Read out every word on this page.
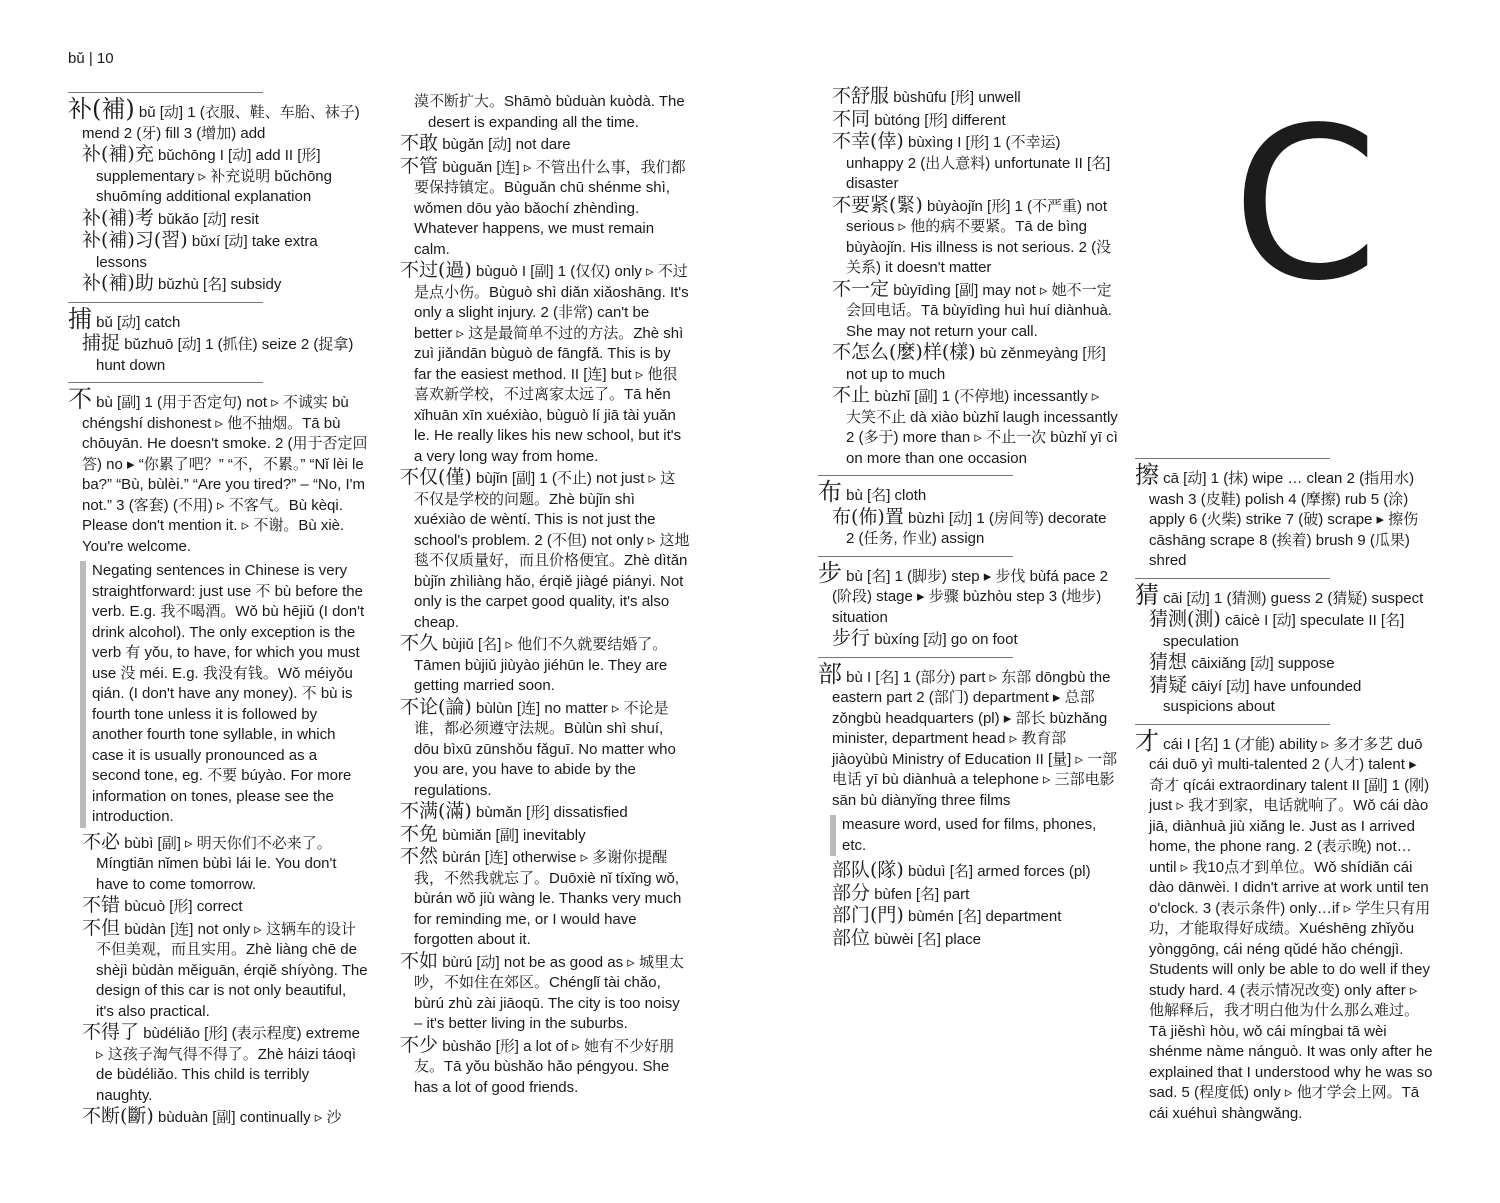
bǔ | 10
C

补(補) bǔ [动] 1 (衣服、鞋、车胎、袜子) mend 2 (牙) fill 3 (增加) add

补(補)充 bǔchōng I [动] add II [形] supplementary ▹ 补充说明 bǔchōng shuōmíng additional explanation

补(補)考 bǔkǎo [动] resit

补(補)习(習) bǔxí [动] take extra lessons

补(補)助 bǔzhù [名] subsidy

捕 bǔ [动] catch

捕捉 bǔzhuō [动] 1 (抓住) seize 2 (捉拿) hunt down

不 bù [副] 1 (用于否定句) not ▹ 不诚实 bù chéngshí dishonest ▹ 他不抽烟。Tā bù chōuyān. He doesn't smoke. 2 (用于否定回答) no ▸ “你累了吧？” “不，不累。” “Nǐ lèi le ba?” “Bù, bùlèi.” “Are you tired?” – “No, I'm not.” 3 (客套) (不用) ▹ 不客气。Bù kèqi. Please don't mention it. ▹ 不谢。Bù xiè. You're welcome.

Negating sentences in Chinese is very straightforward: just use 不 bù before the verb. E.g. 我不喝酒。Wǒ bù hējiǔ (I don't drink alcohol). The only exception is the verb 有 yǒu, to have, for which you must use 没 méi. E.g. 我没有钱。Wǒ méiyǒu qián. (I don't have any money). 不 bù is fourth tone unless it is followed by another fourth tone syllable, in which case it is usually pronounced as a second tone, eg. 不要 búyào. For more information on tones, please see the introduction.

不必 bùbì [副] ▹ 明天你们不必来了。Míngtiān nǐmen bùbì lái le. You don't have to come tomorrow.

不错 bùcuò [形] correct

不但 bùdàn [连] not only ▹ 这辆车的设计不但美观，而且实用。Zhè liàng chē de shèjì bùdàn měiguān, érqiě shíyòng. The design of this car is not only beautiful, it's also practical.

不得了 bùdéliǎo [形] (表示程度) extreme ▹ 这孩子淘气得不得了。Zhè háizi táoqì de bùdéliǎo. This child is terribly naughty.

不断(斷) bùduàn [副] continually ▹ 沙

漠不断扩大。Shāmò bùduàn kuòdà. The desert is expanding all the time.

不敢 bùgǎn [动] not dare

不管 bùguǎn [连] ▹ 不管出什么事，我们都要保持镇定。Bùguǎn chū shénme shì, wǒmen dōu yào bǎochí zhèndìng. Whatever happens, we must remain calm.

不过(過) bùguò I [副] 1 (仅仅) only ▹ 不过是点小伤。Bùguò shì diǎn xiǎoshāng. It's only a slight injury. 2 (非常) can't be better ▹ 这是最简单不过的方法。Zhè shì zuì jiǎndān bùguò de fāngfǎ. This is by far the easiest method. II [连] but ▹ 他很喜欢新学校，不过离家太远了。Tā hěn xǐhuān xīn xuéxiào, bùguò lí jiā tài yuǎn le. He really likes his new school, but it's a very long way from home.

不仅(僅) bùjǐn [副] 1 (不止) not just ▹ 这不仅是学校的问题。Zhè bùjǐn shì xuéxiào de wèntí. This is not just the school's problem. 2 (不但) not only ▹ 这地毯不仅质量好，而且价格便宜。Zhè dìtǎn bùjǐn zhìliàng hǎo, érqiě jiàgé piányi. Not only is the carpet good quality, it's also cheap.

不久 bùjiǔ [名] ▹ 他们不久就要结婚了。Tāmen bùjiǔ jiùyào jiéhūn le. They are getting married soon.

不论(論) bùlùn [连] no matter ▹ 不论是谁，都必须遵守法规。Bùlùn shì shuí, dōu bìxū zūnshǒu fǎguī. No matter who you are, you have to abide by the regulations.

不满(滿) bùmǎn [形] dissatisfied

不免 bùmiǎn [副] inevitably

不然 bùrán [连] otherwise ▹ 多谢你提醒我，不然我就忘了。Duōxiè nǐ tíxǐng wǒ, bùrán wǒ jiù wàng le. Thanks very much for reminding me, or I would have forgotten about it.

不如 bùrú [动] not be as good as ▹ 城里太吵，不如住在郊区。Chénglǐ tài chǎo, bùrú zhù zài jiāoqū. The city is too noisy – it's better living in the suburbs.

不少 bùshǎo [形] a lot of ▹ 她有不少好朋友。Tā yǒu bùshǎo hǎo péngyou. She has a lot of good friends.

不舒服 bùshūfu [形] unwell

不同 bùtóng [形] different

不幸(倖) bùxìng I [形] 1 (不幸运) unhappy 2 (出人意料) unfortunate II [名] disaster

不要紧(緊) bùyàojǐn [形] 1 (不严重) not serious ▹ 他的病不要紧。Tā de bìng bùyàojǐn. His illness is not serious. 2 (没关系) it doesn't matter

不一定 bùyīdìng [副] may not ▹ 她不一定会回电话。Tā bùyīdìng huì huí diànhuà. She may not return your call.

不怎么(麼)样(樣) bù zěnmeyàng [形] not up to much

不止 bùzhǐ [副] 1 (不停地) incessantly ▹ 大笑不止 dà xiào bùzhǐ laugh incessantly 2 (多于) more than ▹ 不止一次 bùzhǐ yī cì on more than one occasion

布 bù [名] cloth

布(佈)置 bùzhì [动] 1 (房间等) decorate 2 (任务, 作业) assign

步 bù [名] 1 (脚步) step ▸ 步伐 bùfá pace 2 (阶段) stage ▸ 步骤 bùzhòu step 3 (地步) situation

步行 bùxíng [动] go on foot

部 bù I [名] 1 (部分) part ▹ 东部 dōngbù the eastern part 2 (部门) department ▸ 总部 zǒngbù headquarters (pl) ▸ 部长 bùzhǎng minister, department head ▹ 教育部 jiàoyùbù Ministry of Education II [量] ▹ 一部电话 yī bù diànhuà a telephone ▹ 三部电影 sān bù diànyǐng three films

measure word, used for films, phones, etc.

部队(隊) bùduì [名] armed forces (pl)

部分 bùfen [名] part

部门(門) bùmén [名] department

部位 bùwèi [名] place

擦 cā [动] 1 (抹) wipe … clean 2 (指用水) wash 3 (皮鞋) polish 4 (摩擦) rub 5 (涂) apply 6 (火柴) strike 7 (破) scrape ▸ 擦伤 cāshāng scrape 8 (挨着) brush 9 (瓜果) shred

猜 cāi [动] 1 (猜测) guess 2 (猜疑) suspect

猜测(測) cāicè I [动] speculate II [名] speculation

猜想 cāixiǎng [动] suppose

猜疑 cāiyí [动] have unfounded suspicions about

才 cái I [名] 1 (才能) ability ▹ 多才多艺 duō cái duō yì multi-talented 2 (人才) talent ▸ 奇才 qícái extraordinary talent II [副] 1 (刚) just ▹ 我才到家，电话就响了。Wǒ cái dào jiā, diànhuà jiù xiǎng le. Just as I arrived home, the phone rang. 2 (表示晚) not…until ▹ 我10点才到单位。Wǒ shídiǎn cái dào dānwèi. I didn't arrive at work until ten o'clock. 3 (表示条件) only…if ▹ 学生只有用功，才能取得好成绩。Xuéshēng zhǐyǒu yònggōng, cái néng qǔdé hǎo chéngjì. Students will only be able to do well if they study hard. 4 (表示情况改变) only after ▹ 他解释后，我才明白他为什么那么难过。Tā jiěshì hòu, wǒ cái míngbai tā wèi shénme nàme nánguò. It was only after he explained that I understood why he was so sad. 5 (程度低) only ▹ 他才学会上网。Tā cái xuéhuì shàngwǎng.
